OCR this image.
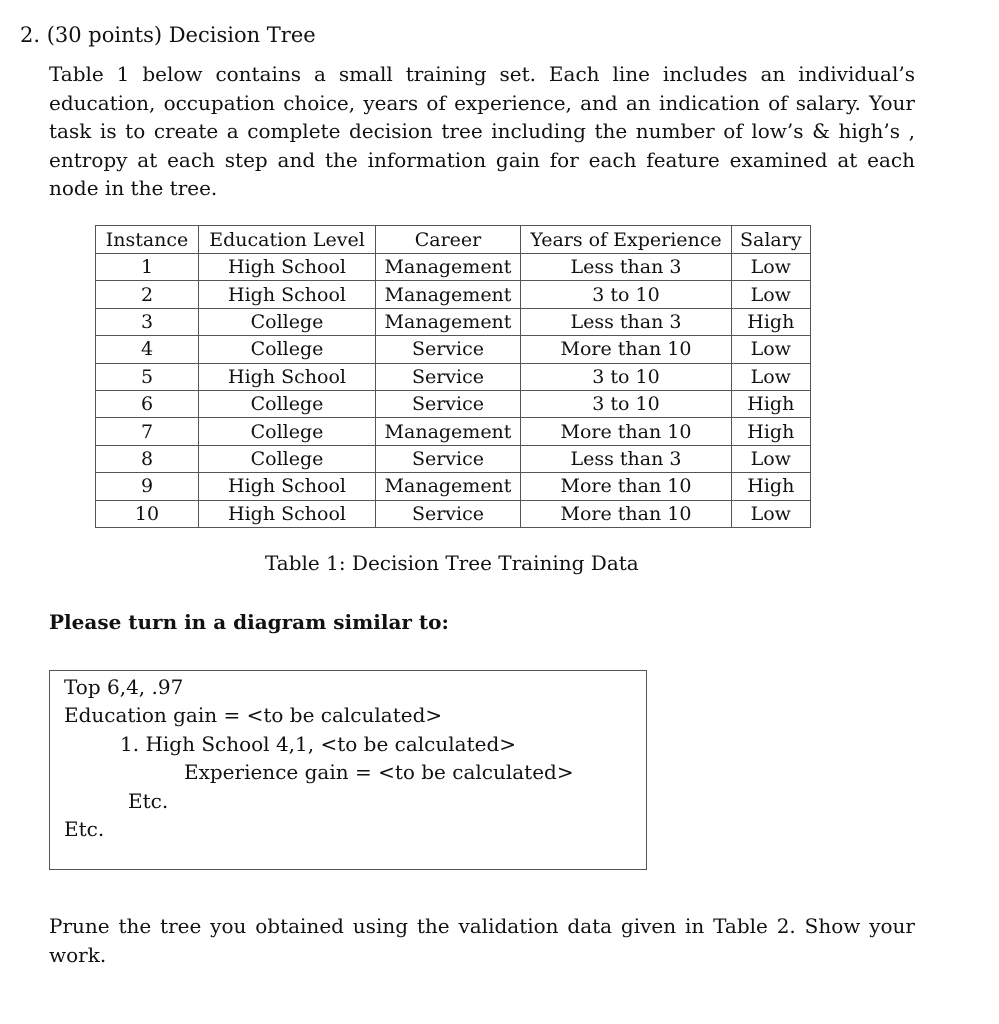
2. (30 points) Decision Tree
Table 1 below contains a small training set. Each line includes an individual’s education, occupation choice, years of experience, and an indication of salary. Your task is to create a complete decision tree including the number of low’s & high’s , entropy at each step and the information gain for each feature examined at each node in the tree.
Instance	Education Level	Career	Years of Experience	Salary
1	High School	Management	Less than 3	Low
2	High School	Management	3 to 10	Low
3	College	Management	Less than 3	High
4	College	Service	More than 10	Low
5	High School	Service	3 to 10	Low
6	College	Service	3 to 10	High
7	College	Management	More than 10	High
8	College	Service	Less than 3	Low
9	High School	Management	More than 10	High
10	High School	Service	More than 10	Low
Table 1: Decision Tree Training Data
Please turn in a diagram similar to:
Top 6,4, .97
Education gain = <to be calculated>
1. High School 4,1, <to be calculated>
Experience gain = <to be calculated>
Etc.
Etc.
Prune the tree you obtained using the validation data given in Table 2. Show your work.
